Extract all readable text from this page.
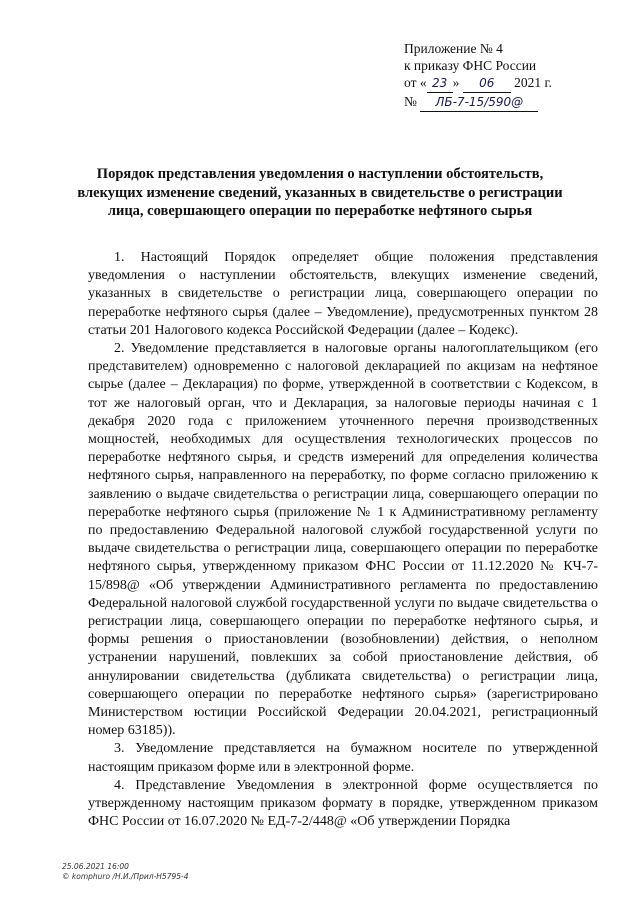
Приложение № 4
к приказу ФНС России
от « 23 » 06 2021 г.
№ ЛБ-7-15/590@
Порядок представления уведомления о наступлении обстоятельств, влекущих изменение сведений, указанных в свидетельстве о регистрации лица, совершающего операции по переработке нефтяного сырья

1. Настоящий Порядок определяет общие положения представления уведомления о наступлении обстоятельств, влекущих изменение сведений, указанных в свидетельстве о регистрации лица, совершающего операции по переработке нефтяного сырья (далее – Уведомление), предусмотренных пунктом 28 статьи 201 Налогового кодекса Российской Федерации (далее – Кодекс).

2. Уведомление представляется в налоговые органы налогоплательщиком (его представителем) одновременно с налоговой декларацией по акцизам на нефтяное сырье (далее – Декларация) по форме, утвержденной в соответствии с Кодексом, в тот же налоговый орган, что и Декларация, за налоговые периоды начиная с 1 декабря 2020 года с приложением уточненного перечня производственных мощностей, необходимых для осуществления технологических процессов по переработке нефтяного сырья, и средств измерений для определения количества нефтяного сырья, направленного на переработку, по форме согласно приложению к заявлению о выдаче свидетельства о регистрации лица, совершающего операции по переработке нефтяного сырья (приложение № 1 к Административному регламенту по предоставлению Федеральной налоговой службой государственной услуги по выдаче свидетельства о регистрации лица, совершающего операции по переработке нефтяного сырья, утвержденному приказом ФНС России от 11.12.2020 № КЧ-7-15/898@ «Об утверждении Административного регламента по предоставлению Федеральной налоговой службой государственной услуги по выдаче свидетельства о регистрации лица, совершающего операции по переработке нефтяного сырья, и формы решения о приостановлении (возобновлении) действия, о неполном устранении нарушений, повлекших за собой приостановление действия, об аннулировании свидетельства (дубликата свидетельства) о регистрации лица, совершающего операции по переработке нефтяного сырья» (зарегистрировано Министерством юстиции Российской Федерации 20.04.2021, регистрационный номер 63185)).

3. Уведомление представляется на бумажном носителе по утвержденной настоящим приказом форме или в электронной форме.

4. Представление Уведомления в электронной форме осуществляется по утвержденному настоящим приказом формату в порядке, утвержденном приказом ФНС России от 16.07.2020 № ЕД-7-2/448@ «Об утверждении Порядка

25.06.2021 16:00
© komphuro /Н.И./Прил-Н5795-4
